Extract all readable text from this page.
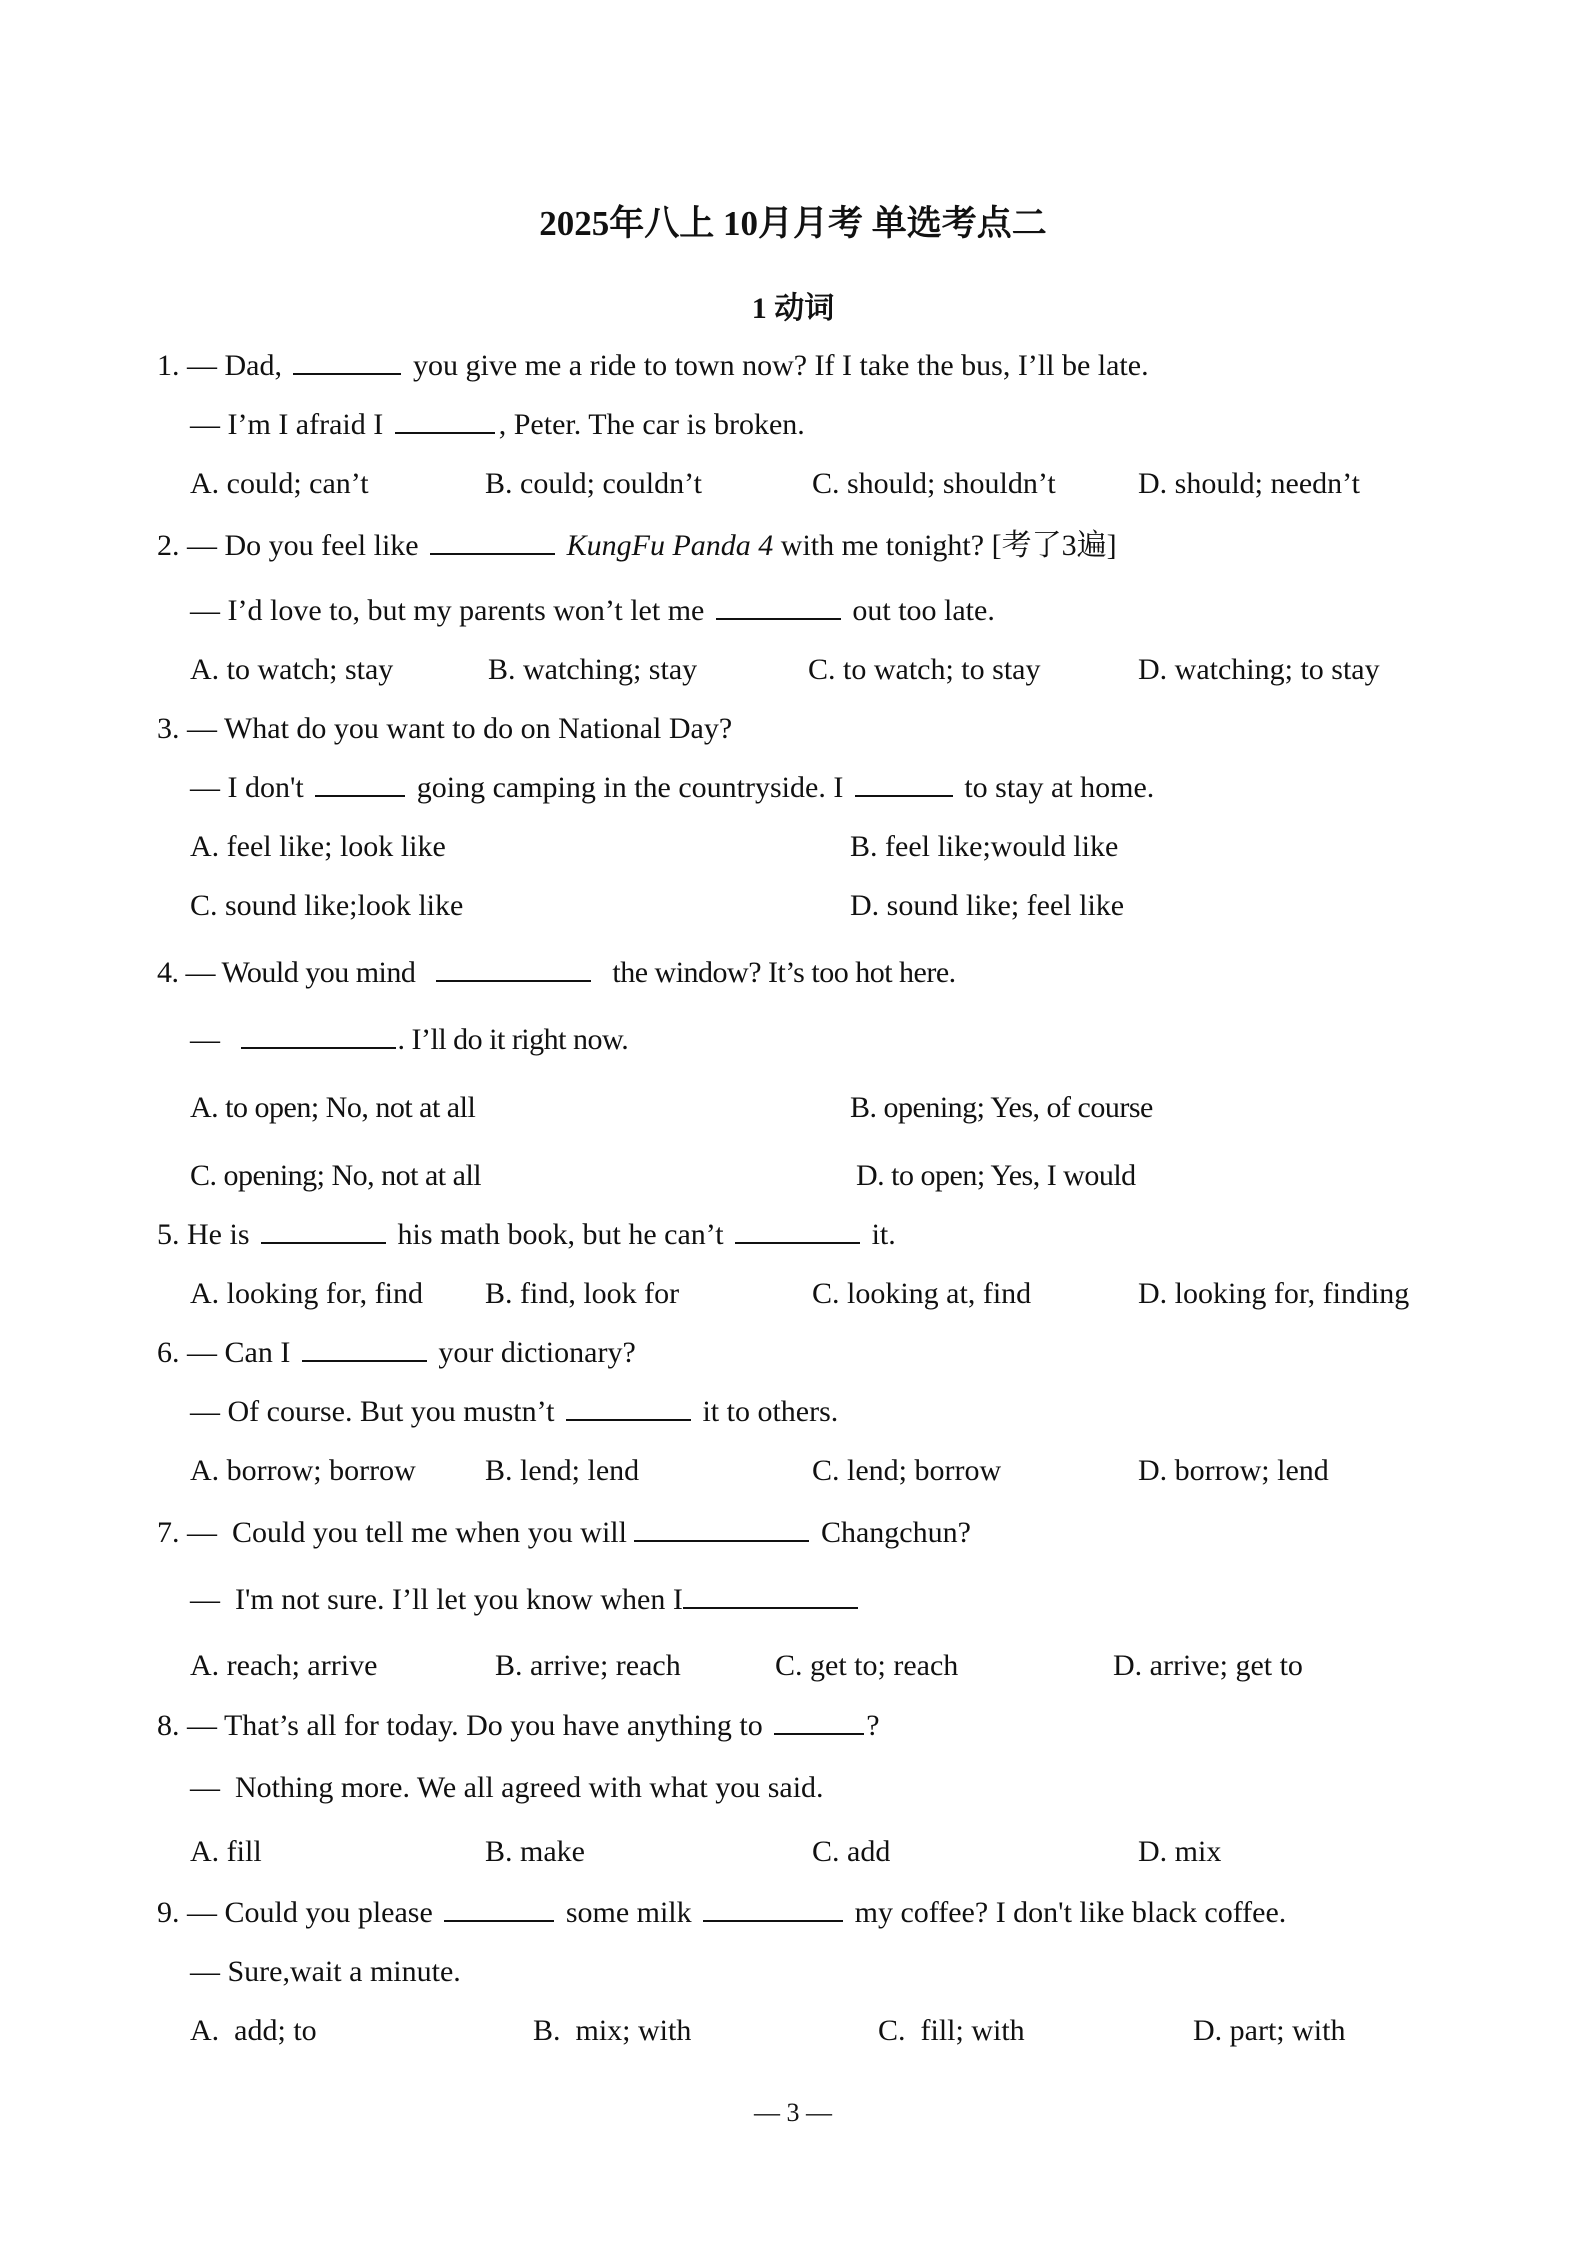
2025年八上 10月月考 单选考点二
1 动词
1. — Dad,	you give me a ride to town now? If I take the bus, I’ll be late.
— I’m I afraid I	, Peter. The car is broken.
A. could; can’t	B. could; couldn’t	C. should; shouldn’t	D. should; needn’t
2. — Do you feel like	KungFu Panda 4 with me tonight? [考了3遍]
— I’d love to, but my parents won’t let me	out too late.
A. to watch; stay	B. watching; stay	C. to watch; to stay	D. watching; to stay
3. — What do you want to do on National Day?
— I don't	going camping in the countryside. I	to stay at home.
A. feel like; look like	B. feel like;would like
C. sound like;look like	D. sound like; feel like
4. — Would you mind	the window? It’s too hot here.
—	. I’ll do it right now.
A. to open; No, not at all	B. opening; Yes, of course
C. opening; No, not at all	D. to open; Yes, I would
5. He is	his math book, but he can’t	it.
A. looking for, find B. find, look for	C. looking at, find	D. looking for, finding
6. — Can I	your dictionary?
— Of course. But you mustn’t	it to others.
A. borrow; borrow B. lend; lend	C. lend; borrow	D. borrow; lend
7. —  Could you tell me when you will	Changchun?
—  I'm not sure. I’ll let you know when I
A. reach; arrive	B. arrive; reach	C. get to; reach	D. arrive; get to
8. — That’s all for today. Do you have anything to	?
—  Nothing more. We all agreed with what you said.
A. fill	B. make	C. add	D. mix
9. — Could you please	some milk	my coffee? I don't like black coffee.
— Sure,wait a minute.
A.  add; to	B.  mix; with	C.  fill; with	D. part; with
— 3 —
